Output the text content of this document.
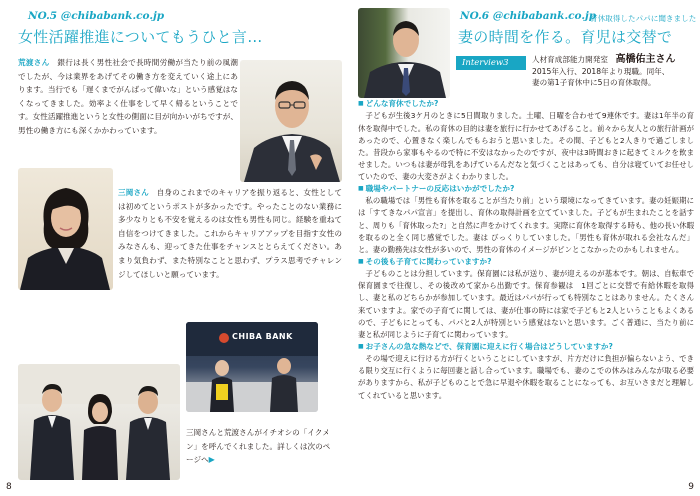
NO.5 @chibabank.co.jp
女性活躍推進についてもうひと言…
荒渡さん　 銀行は長く男性社会で長時間労働が当たり前の風潮でしたが、今は業界をあげてその働き方を変えていく途上にあります。当行でも「遅くまでがんばって偉いな」という感覚はなくなってきました。効率よく仕事をして早く帰るということです。女性活躍推進というと女性の側面に目が向かいがちですが、男性の働き方にも深くかかわっています。
三岡さん　 自身のこれまでのキャリアを振り返ると、女性としては初めてというポストが多かったです。やったことのない業務に多少なりとも不安を覚えるのは女性も男性も同じ。経験を重ねて自信をつけてきました。これからキャリアアップを目指す女性のみなさんも、迎ってきた仕事をチャンスととらえてください。あまり気負わず、また特別なことと思わず、プラス思考でチャレンジしてほしいと願っています。
CHIBA BANK
三岡さんと荒渡さんがイチオシの「イクメン」を呼んでくれました。詳しくは次のページへ▶
8
NO.6 @chibabank.co.jp
育休取得したパパに聞きました
妻の時間を作る。育児は交替で
Interview3	人材育成部能力開発室　 高橋佑主さん
2015年入行、2018年より現職。同年、
妻の第1子育休中に5日の育休取得。
■ どんな育休でしたか?
子どもが生後3ケ月のときに5日間取りました。土曜、日曜を合わせて9連休です。妻は1年半の育休を取得中でした。私の育休の目的は妻を旅行に行かせてあげること。前々から友人との旅行計画があったので、心置きなく楽しんでもらおうと思いました。その間、子どもと2人きりで過ごしました。昔段から家事もやるので特に不安はなかったのですが、夜中は3時間おきに起きてミルクを飲ませました。いつもは妻が母乳をあげているんだなと気づくことはあっても、自分は寝ていてお任せしていたので、妻の大変さがよくわかりました。
■ 職場やパートナーの反応はいかがでしたか?
私の職場では「男性も育休を取ることが当たり前」という環境になってきています。妻の妊娠期には「すてきなパパ宣言」を提出し、育休の取得計画を立てていました。子どもが生まれたことを話すと、周りも「育休取った?」と自然に声をかけてくれます。実際に育休を取得する時も、他の長い休暇を取るのと全く同じ感覚でした。妻は びっくりしていました。「男性も育休が取れる会社なんだ」と。妻の勤務先は女性が多いので、男性の育休のイメージがピンとこなかったのかもしれません。
■ その後も子育てに関わっていますか?
子どものことは分担しています。保育園には私が送り、妻が迎えるのが基本です。朝は、自転車で保育園まで往復し、その後改めて家から出勤です。保育参観は　1回ごとに交替で有給休暇を取得し、妻と私のどちらかが参加しています。最近はパパが行っても特別なことはありません。たくさん来ていますよ。家での子育てに関しては、妻が仕事の時には家で子どもと2人ということもよくあるので、子どもにとっても、パパと2人が特別という感覚はないと思います。ごく普通に、当たり前に妻と私が同じように子育てに関わっています。
■ お子さんの急な熱などで、保育園に迎えに行く場合はどうしていますか?
その場で迎えに行ける方が行くということにしていますが、片方だけに負担が偏らないよう、できる限り交互に行くように毎回妻と話し合っています。職場でも、妻のこでの休みはみんなが取る必要がありますから、私が子どものことで急に早退や休暇を取ることになっても、お互いさまだと理解してくれていると思います。
9
